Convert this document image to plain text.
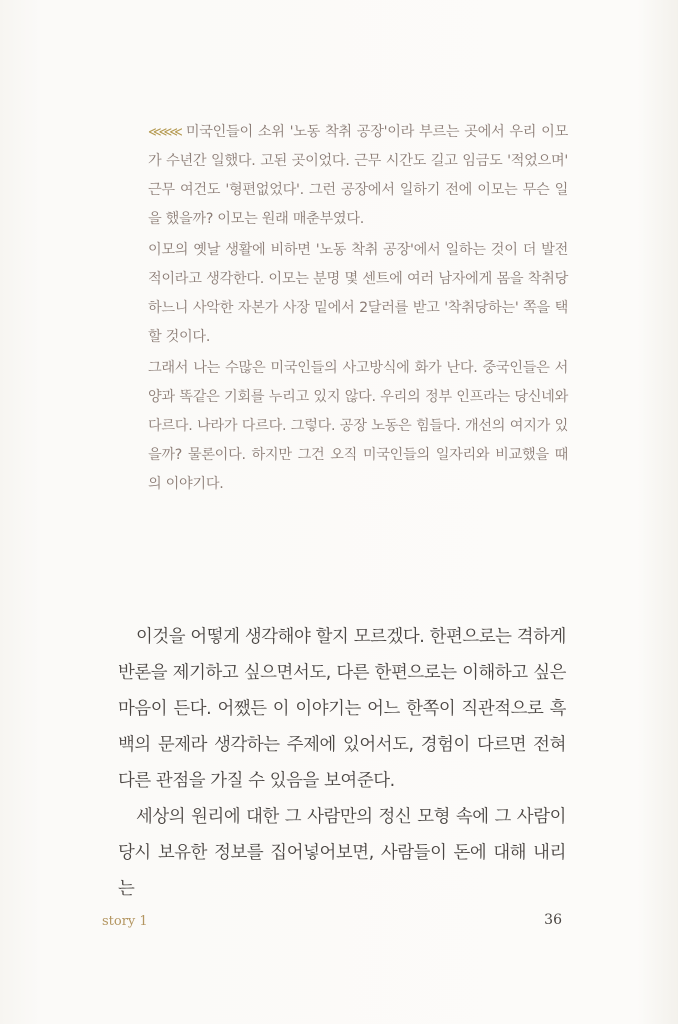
≪≪≪ 미국인들이 소위 '노동 착취 공장'이라 부르는 곳에서 우리 이모가 수년간 일했다. 고된 곳이었다. 근무 시간도 길고 임금도 '적었으며' 근무 여건도 '형편없었다'. 그런 공장에서 일하기 전에 이모는 무슨 일을 했을까? 이모는 원래 매춘부였다.

이모의 옛날 생활에 비하면 '노동 착취 공장'에서 일하는 것이 더 발전적이라고 생각한다. 이모는 분명 몇 센트에 여러 남자에게 몸을 착취당하느니 사악한 자본가 사장 밑에서 2달러를 받고 '착취당하는' 쪽을 택할 것이다.

그래서 나는 수많은 미국인들의 사고방식에 화가 난다. 중국인들은 서양과 똑같은 기회를 누리고 있지 않다. 우리의 정부 인프라는 당신네와 다르다. 나라가 다르다. 그렇다. 공장 노동은 힘들다. 개선의 여지가 있을까? 물론이다. 하지만 그건 오직 미국인들의 일자리와 비교했을 때의 이야기다.

이것을 어떻게 생각해야 할지 모르겠다. 한편으로는 격하게 반론을 제기하고 싶으면서도, 다른 한편으로는 이해하고 싶은 마음이 든다. 어쨌든 이 이야기는 어느 한쪽이 직관적으로 흑백의 문제라 생각하는 주제에 있어서도, 경험이 다르면 전혀 다른 관점을 가질 수 있음을 보여준다.

세상의 원리에 대한 그 사람만의 정신 모형 속에 그 사람이 당시 보유한 정보를 집어넣어보면, 사람들이 돈에 대해 내리는

story 1	36
